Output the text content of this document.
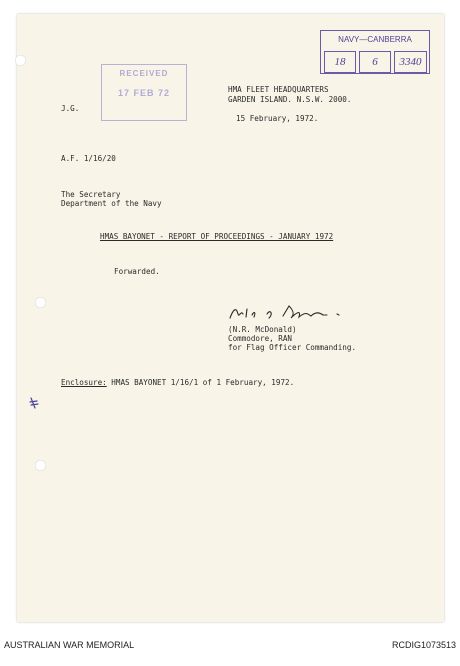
NAVY—CANBERRA
18	6	3340
RECEIVED
17 FEB 72	HMA FLEET HEADQUARTERS
GARDEN ISLAND. N.S.W. 2000.
J.G.
15 February, 1972.
A.F. 1/16/20
The Secretary
Department of the Navy
HMAS BAYONET - REPORT OF PROCEEDINGS - JANUARY 1972
Forwarded.
(N.R. McDonald)
Commodore, RAN
for Flag Officer Commanding.
Enclosure: HMAS BAYONET 1/16/1 of 1 February, 1972.
AUSTRALIAN WAR MEMORIAL	RCDIG1073513
